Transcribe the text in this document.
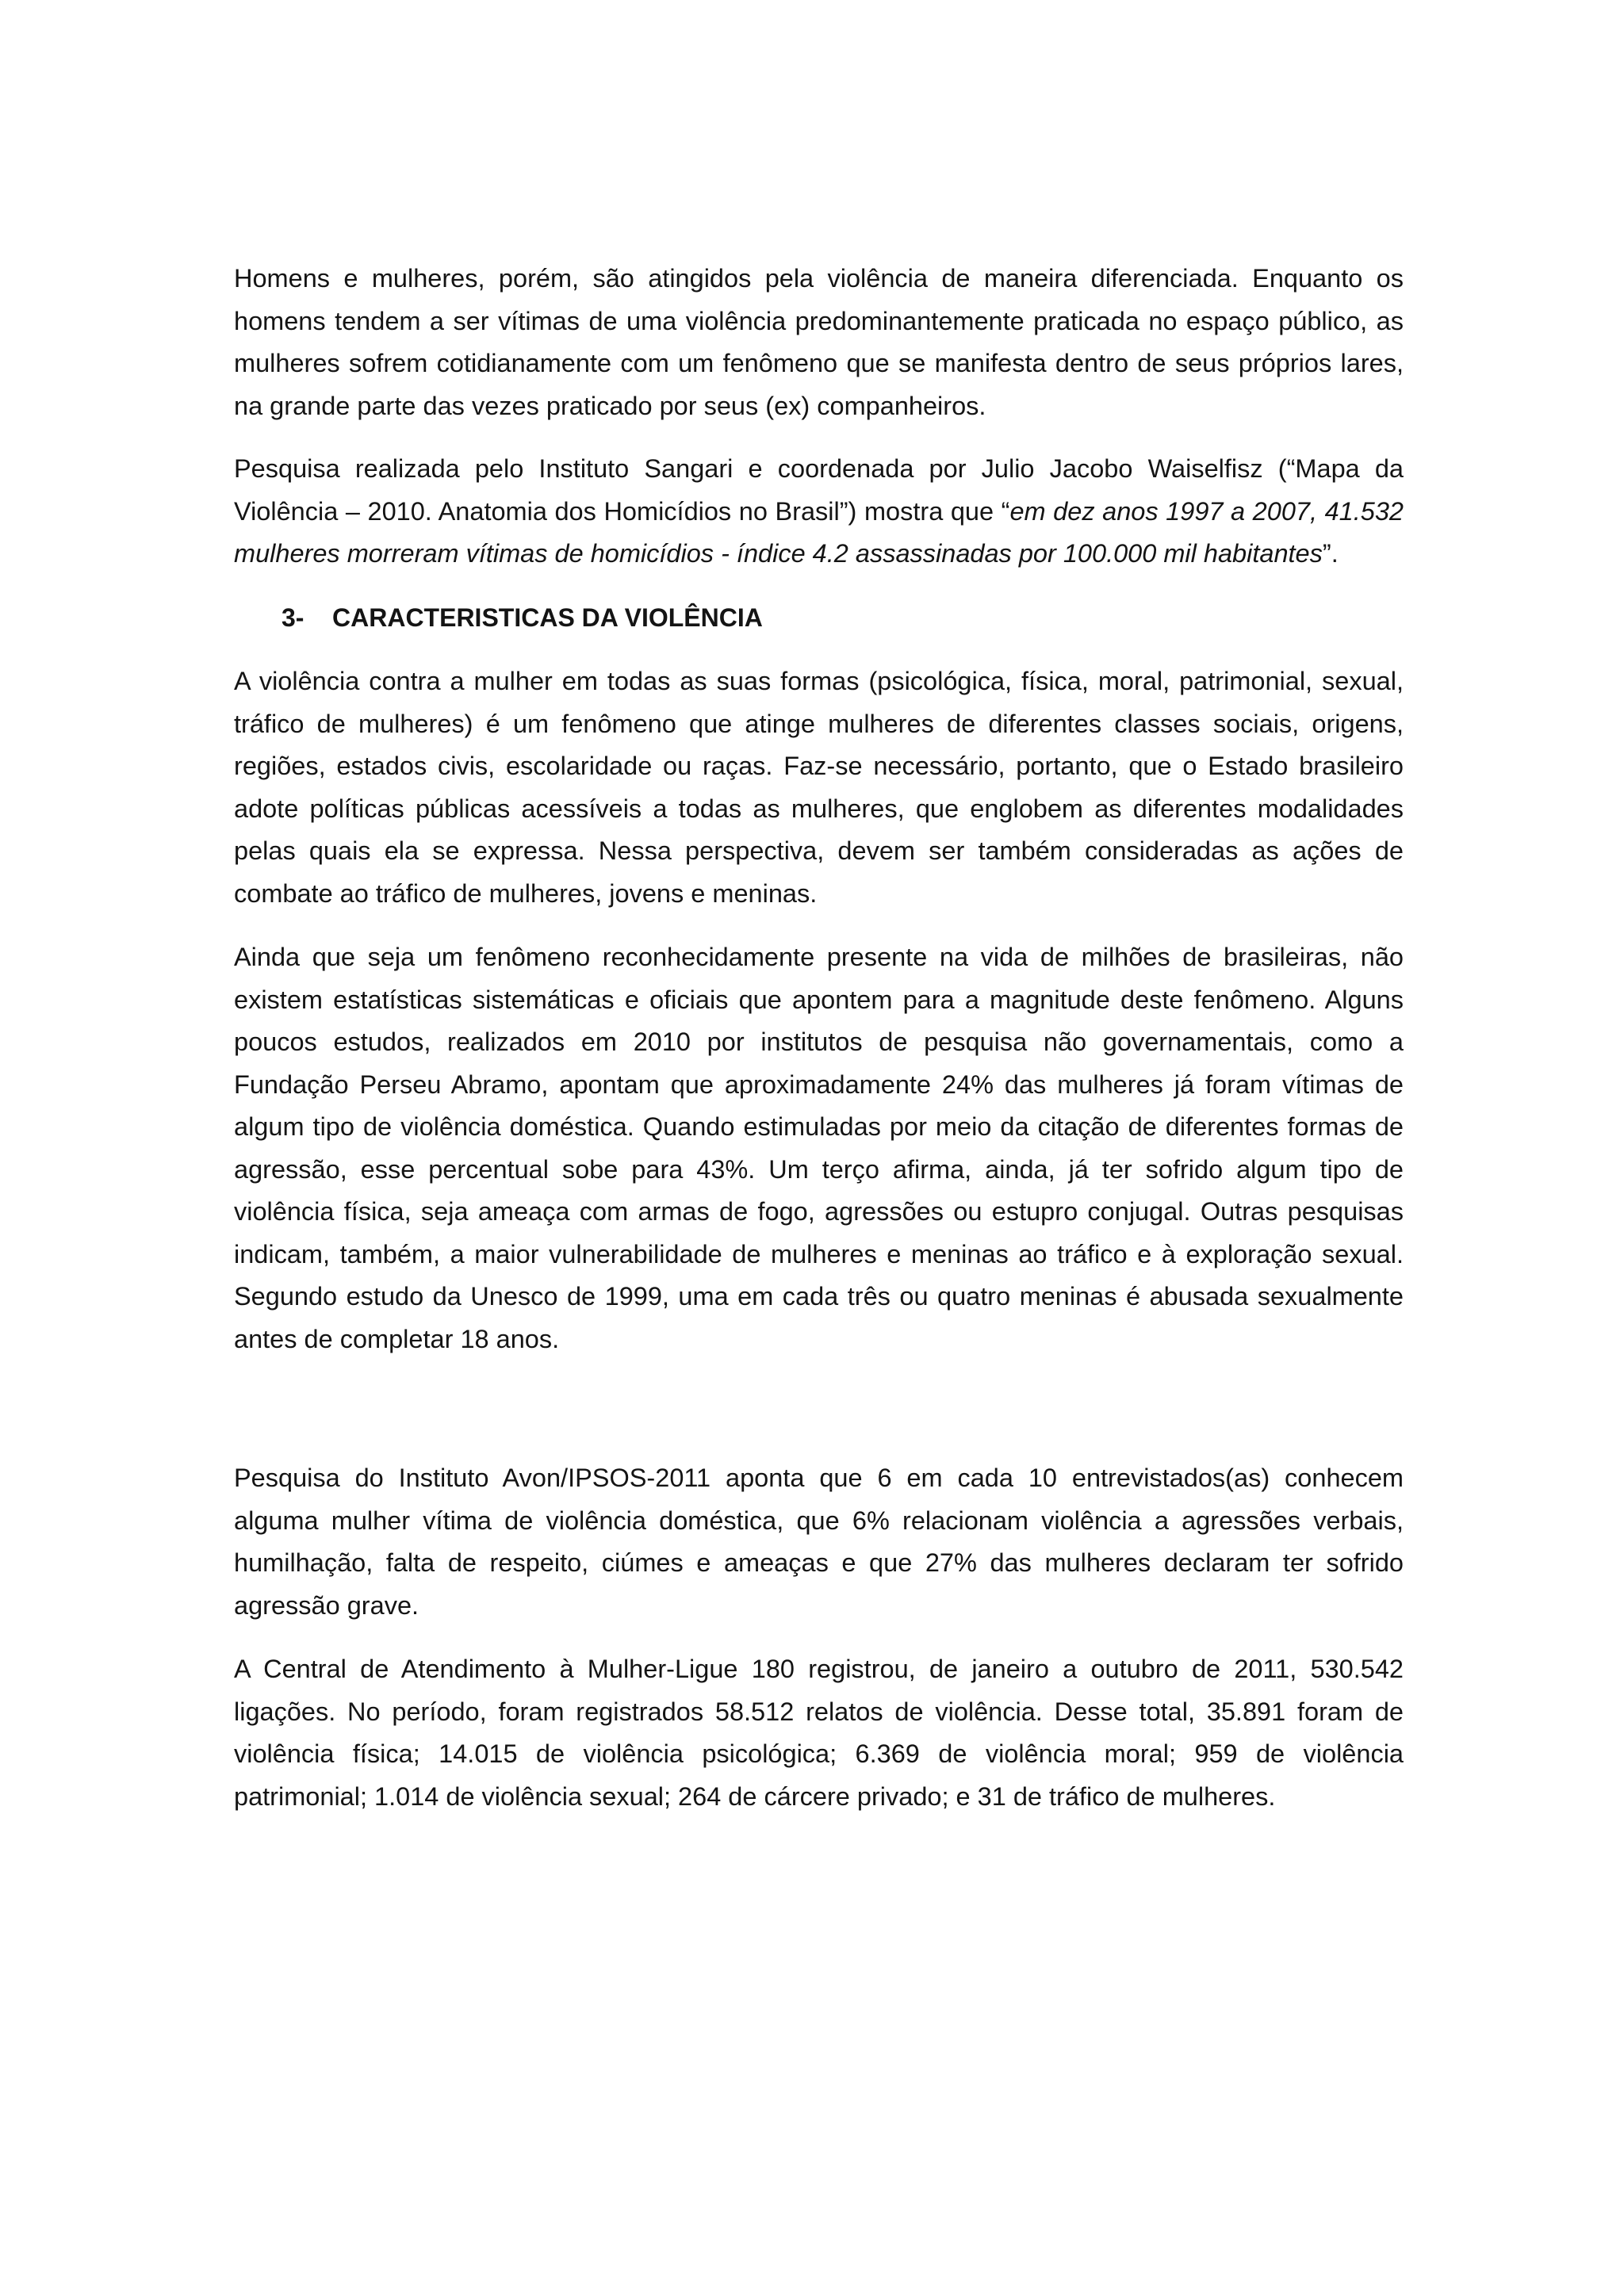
Homens e mulheres, porém, são atingidos pela violência de maneira diferenciada. Enquanto os homens tendem a ser vítimas de uma violência predominantemente praticada no espaço público, as mulheres sofrem cotidianamente com um fenômeno que se manifesta dentro de seus próprios lares, na grande parte das vezes praticado por seus (ex) companheiros.

Pesquisa realizada pelo Instituto Sangari e coordenada por Julio Jacobo Waiselfisz (“Mapa da Violência – 2010. Anatomia dos Homicídios no Brasil”) mostra que “em dez anos 1997 a 2007, 41.532 mulheres morreram vítimas de homicídios - índice 4.2 assassinadas por 100.000 mil habitantes”.

3-	CARACTERISTICAS DA VIOLÊNCIA

A violência contra a mulher em todas as suas formas (psicológica, física, moral, patrimonial, sexual, tráfico de mulheres) é um fenômeno que atinge mulheres de diferentes classes sociais, origens, regiões, estados civis, escolaridade ou raças. Faz-se necessário, portanto, que o Estado brasileiro adote políticas públicas acessíveis a todas as mulheres, que englobem as diferentes modalidades pelas quais ela se expressa. Nessa perspectiva, devem ser também consideradas as ações de combate ao tráfico de mulheres, jovens e meninas.

Ainda que seja um fenômeno reconhecidamente presente na vida de milhões de brasileiras, não existem estatísticas sistemáticas e oficiais que apontem para a magnitude deste fenômeno. Alguns poucos estudos, realizados em 2010 por institutos de pesquisa não governamentais, como a Fundação Perseu Abramo, apontam que aproximadamente 24% das mulheres já foram vítimas de algum tipo de violência doméstica. Quando estimuladas por meio da citação de diferentes formas de agressão, esse percentual sobe para 43%. Um terço afirma, ainda, já ter sofrido algum tipo de violência física, seja ameaça com armas de fogo, agressões ou estupro conjugal. Outras pesquisas indicam, também, a maior vulnerabilidade de mulheres e meninas ao tráfico e à exploração sexual. Segundo estudo da Unesco de 1999, uma em cada três ou quatro meninas é abusada sexualmente antes de completar 18 anos.

Pesquisa do Instituto Avon/IPSOS-2011 aponta que 6 em cada 10 entrevistados(as) conhecem alguma mulher vítima de violência doméstica, que 6% relacionam violência a agressões verbais, humilhação, falta de respeito, ciúmes e ameaças e que 27% das mulheres declaram ter sofrido agressão grave.

A Central de Atendimento à Mulher-Ligue 180 registrou, de janeiro a outubro de 2011, 530.542 ligações. No período, foram registrados 58.512 relatos de violência. Desse total, 35.891 foram de violência física; 14.015 de violência psicológica; 6.369 de violência moral; 959 de violência patrimonial; 1.014 de violência sexual; 264 de cárcere privado; e 31 de tráfico de mulheres.
